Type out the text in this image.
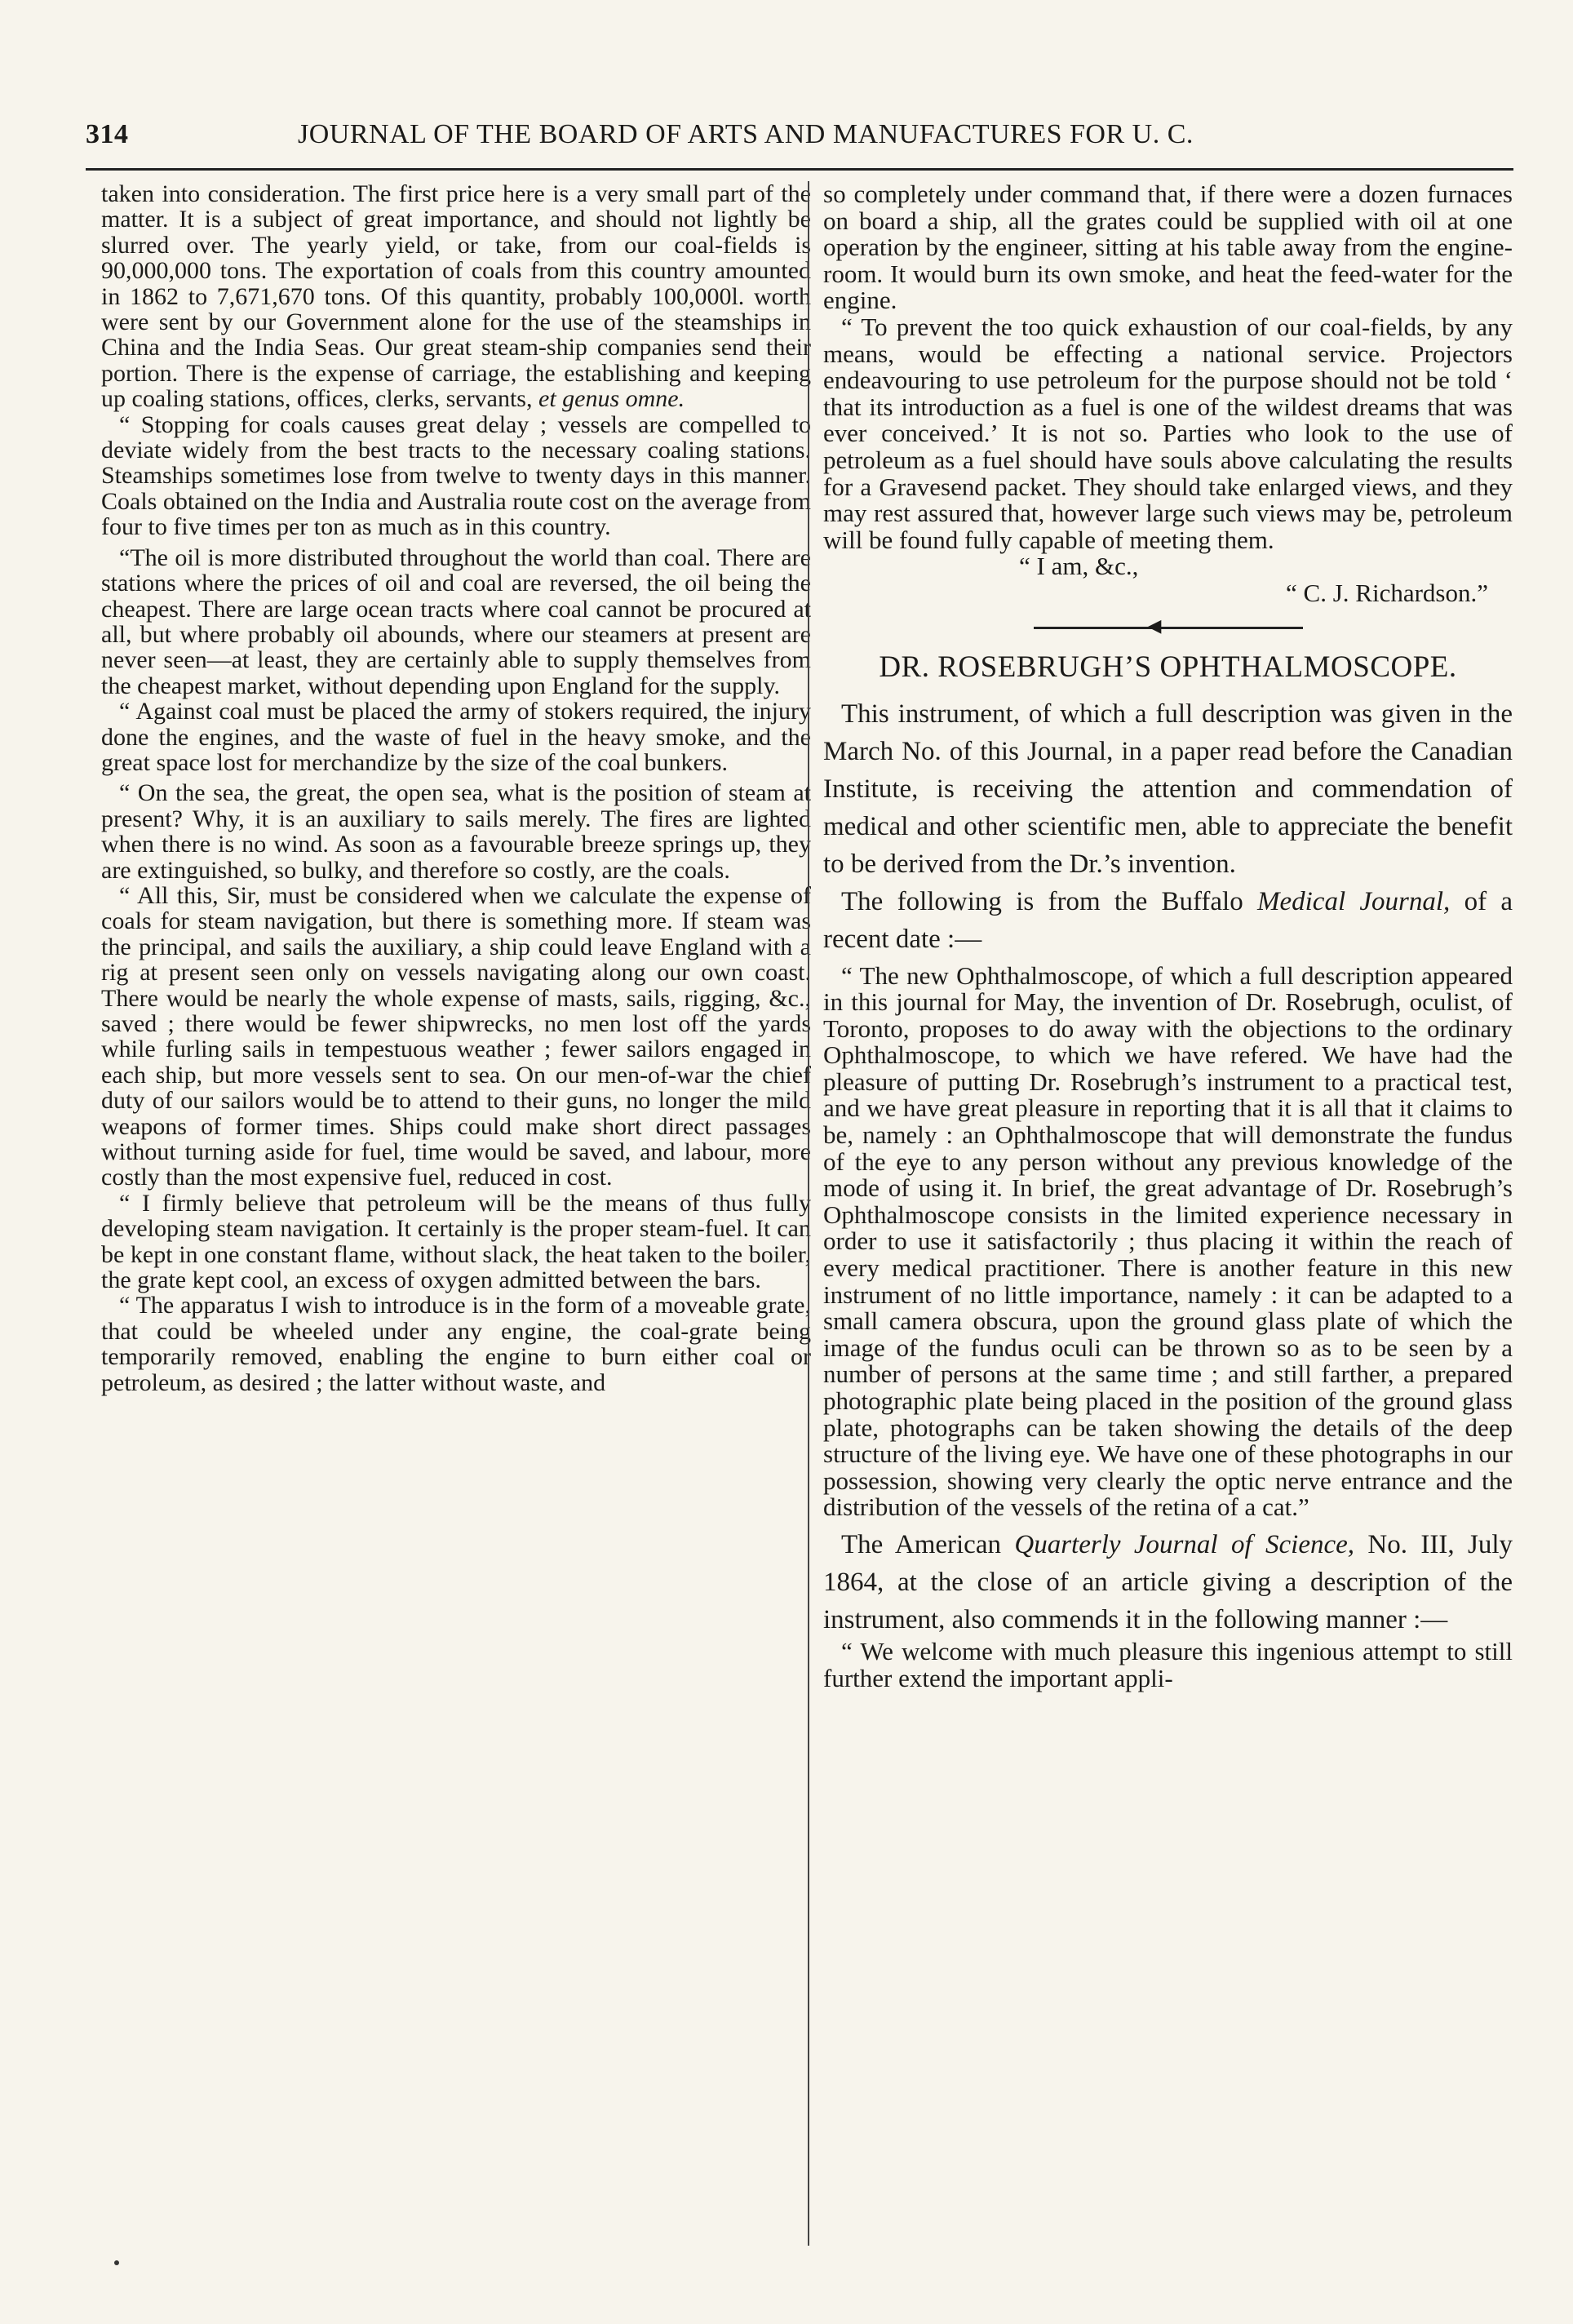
314	JOURNAL OF THE BOARD OF ARTS AND MANUFACTURES FOR U. C.

taken into consideration. The first price here is a very small part of the matter. It is a subject of great importance, and should not lightly be slurred over. The yearly yield, or take, from our coal-fields is 90,000,000 tons. The exportation of coals from this country amounted in 1862 to 7,671,670 tons. Of this quantity, probably 100,000l. worth were sent by our Government alone for the use of the steamships in China and the India Seas. Our great steam-ship companies send their portion. There is the expense of carriage, the establishing and keeping up coaling stations, offices, clerks, servants, et genus omne.

“ Stopping for coals causes great delay ; vessels are compelled to deviate widely from the best tracts to the necessary coaling stations. Steamships sometimes lose from twelve to twenty days in this manner. Coals obtained on the India and Australia route cost on the average from four to five times per ton as much as in this country.

“The oil is more distributed throughout the world than coal. There are stations where the prices of oil and coal are reversed, the oil being the cheapest. There are large ocean tracts where coal cannot be procured at all, but where probably oil abounds, where our steamers at present are never seen—at least, they are certainly able to supply themselves from the cheapest market, without depending upon England for the supply.

“ Against coal must be placed the army of stokers required, the injury done the engines, and the waste of fuel in the heavy smoke, and the great space lost for merchandize by the size of the coal bunkers.

“ On the sea, the great, the open sea, what is the position of steam at present? Why, it is an auxiliary to sails merely. The fires are lighted when there is no wind. As soon as a favourable breeze springs up, they are extinguished, so bulky, and therefore so costly, are the coals.

“ All this, Sir, must be considered when we calculate the expense of coals for steam navigation, but there is something more. If steam was the principal, and sails the auxiliary, a ship could leave England with a rig at present seen only on vessels navigating along our own coast. There would be nearly the whole expense of masts, sails, rigging, &c., saved ; there would be fewer shipwrecks, no men lost off the yards while furling sails in tempestuous weather ; fewer sailors engaged in each ship, but more vessels sent to sea. On our men-of-war the chief duty of our sailors would be to attend to their guns, no longer the mild weapons of former times. Ships could make short direct passages without turning aside for fuel, time would be saved, and labour, more costly than the most expensive fuel, reduced in cost.

“ I firmly believe that petroleum will be the means of thus fully developing steam navigation. It certainly is the proper steam-fuel. It can be kept in one constant flame, without slack, the heat taken to the boiler, the grate kept cool, an excess of oxygen admitted between the bars.

“ The apparatus I wish to introduce is in the form of a moveable grate, that could be wheeled under any engine, the coal-grate being temporarily removed, enabling the engine to burn either coal or petroleum, as desired ; the latter without waste, and

so completely under command that, if there were a dozen furnaces on board a ship, all the grates could be supplied with oil at one operation by the engineer, sitting at his table away from the engine-room. It would burn its own smoke, and heat the feed-water for the engine.

“ To prevent the too quick exhaustion of our coal-fields, by any means, would be effecting a national service. Projectors endeavouring to use petroleum for the purpose should not be told ‘ that its introduction as a fuel is one of the wildest dreams that was ever conceived.’ It is not so. Parties who look to the use of petroleum as a fuel should have souls above calculating the results for a Gravesend packet. They should take enlarged views, and they may rest assured that, however large such views may be, petroleum will be found fully capable of meeting them.

“ I am, &c.,

“ C. J. Richardson.”

◀
DR. ROSEBRUGH’S OPHTHALMOSCOPE.

This instrument, of which a full description was given in the March No. of this Journal, in a paper read before the Canadian Institute, is receiving the attention and commendation of medical and other scientific men, able to appreciate the benefit to be derived from the Dr.’s invention.

The following is from the Buffalo Medical Journal, of a recent date :—

“ The new Ophthalmoscope, of which a full description appeared in this journal for May, the invention of Dr. Rosebrugh, oculist, of Toronto, proposes to do away with the objections to the ordinary Ophthalmoscope, to which we have refered. We have had the pleasure of putting Dr. Rosebrugh’s instrument to a practical test, and we have great pleasure in reporting that it is all that it claims to be, namely : an Ophthalmoscope that will demonstrate the fundus of the eye to any person without any previous knowledge of the mode of using it. In brief, the great advantage of Dr. Rosebrugh’s Ophthalmoscope consists in the limited experience necessary in order to use it satisfactorily ; thus placing it within the reach of every medical practitioner. There is another feature in this new instrument of no little importance, namely : it can be adapted to a small camera obscura, upon the ground glass plate of which the image of the fundus oculi can be thrown so as to be seen by a number of persons at the same time ; and still farther, a prepared photographic plate being placed in the position of the ground glass plate, photographs can be taken showing the details of the deep structure of the living eye. We have one of these photographs in our possession, showing very clearly the optic nerve entrance and the distribution of the vessels of the retina of a cat.”

The American Quarterly Journal of Science, No. III, July 1864, at the close of an article giving a description of the instrument, also commends it in the following manner :—

“ We welcome with much pleasure this ingenious attempt to still further extend the important appli-
